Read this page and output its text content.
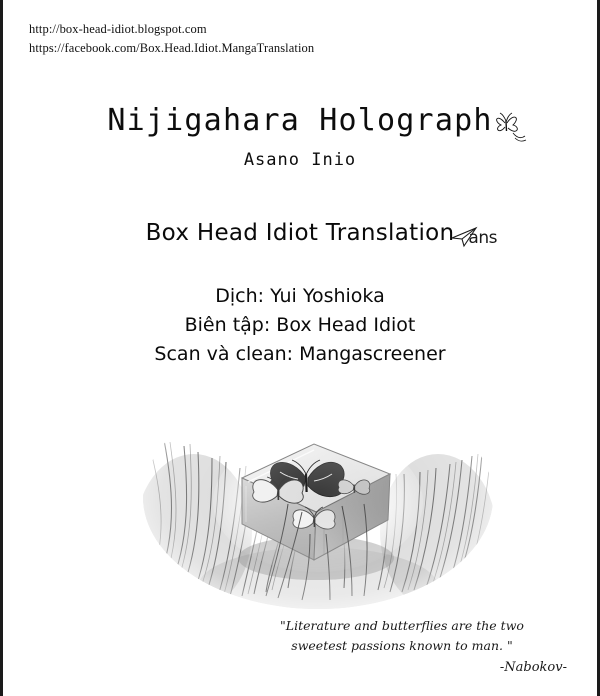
http://box-head-idiot.blogspot.com
https://facebook.com/Box.Head.Idiot.MangaTranslation
Nijigahara Holograph
Asano Inio
Box Head Idiot Translation ans
Dịch: Yui Yoshioka
Biên tập: Box Head Idiot
Scan và clean: Mangascreener
"Literature and butterflies are the two
sweetest passions known to man. "
-Nabokov-
